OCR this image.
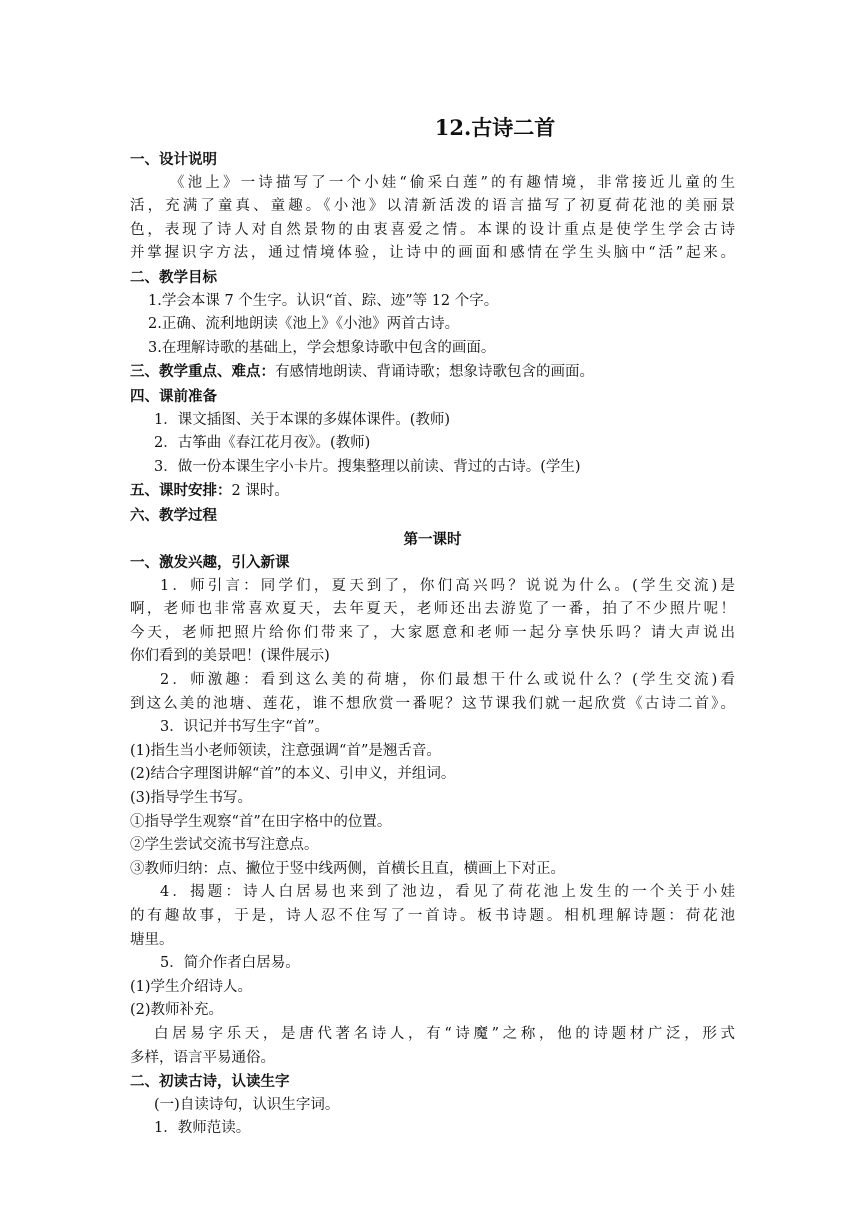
12.古诗二首
一、设计说明
《池上》一诗描写了一个小娃“偷采白莲”的有趣情境，非常接近儿童的生
活，充满了童真、童趣。《小池》以清新活泼的语言描写了初夏荷花池的美丽景
色，表现了诗人对自然景物的由衷喜爱之情。本课的设计重点是使学生学会古诗
并掌握识字方法，通过情境体验，让诗中的画面和感情在学生头脑中“活”起来。
二、教学目标
1.学会本课 7 个生字。认识“首、踪、迹”等 12 个字。
2.正确、流利地朗读《池上》《小池》两首古诗。
3.在理解诗歌的基础上，学会想象诗歌中包含的画面。
三、教学重点、难点：有感情地朗读、背诵诗歌；想象诗歌包含的画面。
四、课前准备
1．课文插图、关于本课的多媒体课件。(教师)
2．古筝曲《春江花月夜》。(教师)
3．做一份本课生字小卡片。搜集整理以前读、背过的古诗。(学生)
五、课时安排：2 课时。
六、教学过程
第一课时
一、激发兴趣，引入新课
1．师引言：同学们，夏天到了，你们高兴吗？说说为什么。(学生交流)是
啊，老师也非常喜欢夏天，去年夏天，老师还出去游览了一番，拍了不少照片呢！
今天，老师把照片给你们带来了，大家愿意和老师一起分享快乐吗？请大声说出
你们看到的美景吧！(课件展示)
2．师激趣：看到这么美的荷塘，你们最想干什么或说什么？(学生交流)看
到这么美的池塘、莲花，谁不想欣赏一番呢？这节课我们就一起欣赏《古诗二首》。
3．识记并书写生字“首”。
(1)指生当小老师领读，注意强调“首”是翘舌音。
(2)结合字理图讲解“首”的本义、引申义，并组词。
(3)指导学生书写。
①指导学生观察“首”在田字格中的位置。
②学生尝试交流书写注意点。
③教师归纳：点、撇位于竖中线两侧，首横长且直，横画上下对正。
4．揭题：诗人白居易也来到了池边，看见了荷花池上发生的一个关于小娃
的有趣故事，于是，诗人忍不住写了一首诗。板书诗题。相机理解诗题：荷花池
塘里。
5．简介作者白居易。
(1)学生介绍诗人。
(2)教师补充。
白居易字乐天，是唐代著名诗人，有“诗魔”之称，他的诗题材广泛，形式
多样，语言平易通俗。
二、初读古诗，认读生字
(一)自读诗句，认识生字词。
1．教师范读。
